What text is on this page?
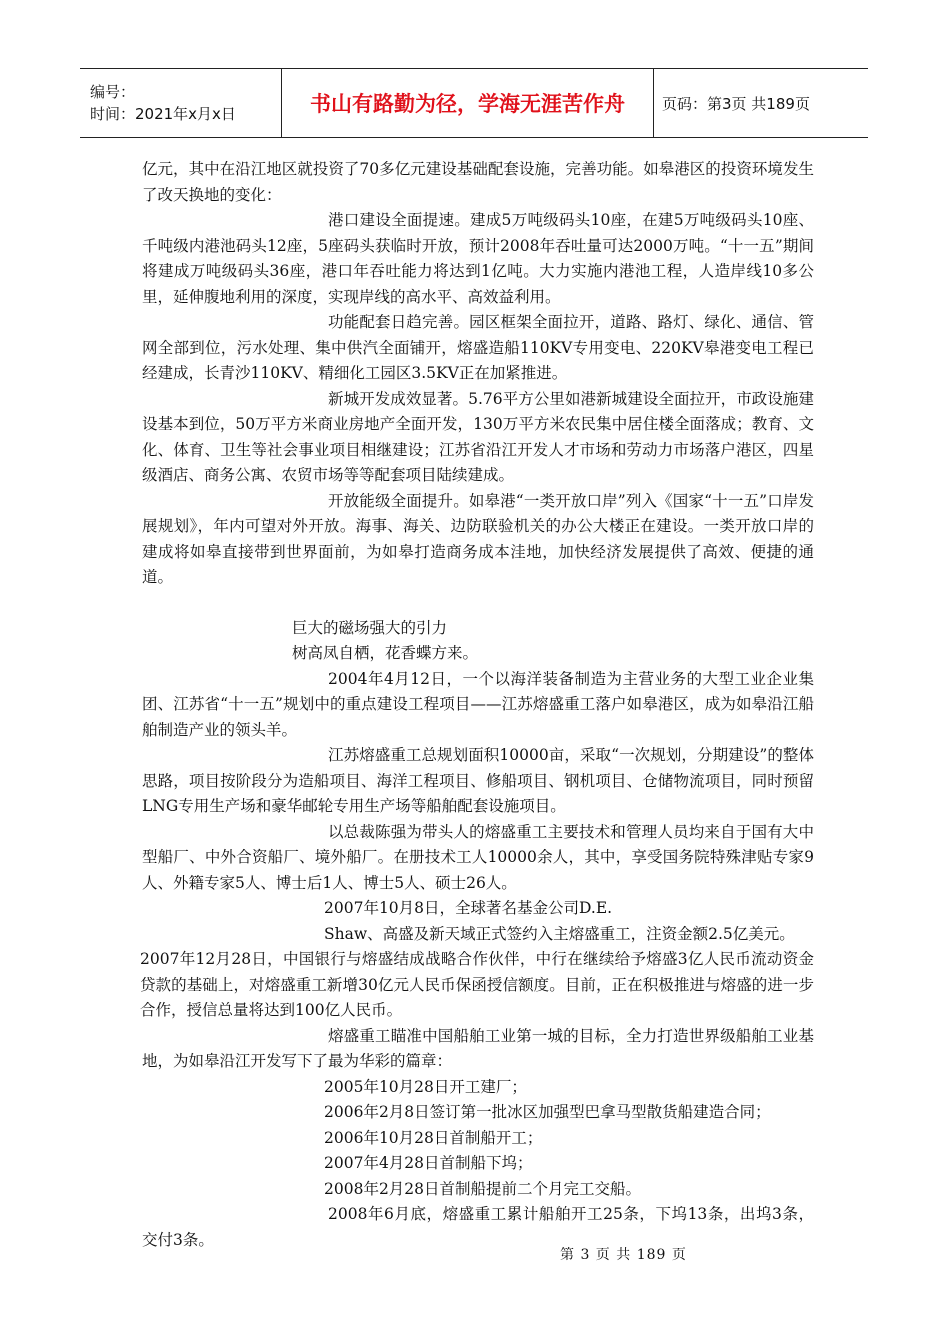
编号：
时间：2021年x月x日	书山有路勤为径，学海无涯苦作舟 页码：第3页 共189页

亿元，其中在沿江地区就投资了70多亿元建设基础配套设施，完善功能。如皋港区的投资环境发生了改天换地的变化：

港口建设全面提速。建成5万吨级码头10座，在建5万吨级码头10座、千吨级内港池码头12座，5座码头获临时开放，预计2008年吞吐量可达2000万吨。“十一五”期间将建成万吨级码头36座，港口年吞吐能力将达到1亿吨。大力实施内港池工程，人造岸线10多公里，延伸腹地利用的深度，实现岸线的高水平、高效益利用。

功能配套日趋完善。园区框架全面拉开，道路、路灯、绿化、通信、管网全部到位，污水处理、集中供汽全面铺开，熔盛造船110KV专用变电、220KV皋港变电工程已经建成，长青沙110KV、精细化工园区3.5KV正在加紧推进。

新城开发成效显著。5.76平方公里如港新城建设全面拉开，市政设施建设基本到位，50万平方米商业房地产全面开发，130万平方米农民集中居住楼全面落成；教育、文化、体育、卫生等社会事业项目相继建设；江苏省沿江开发人才市场和劳动力市场落户港区，四星级酒店、商务公寓、农贸市场等等配套项目陆续建成。

开放能级全面提升。如皋港“一类开放口岸”列入《国家“十一五”口岸发展规划》，年内可望对外开放。海事、海关、边防联验机关的办公大楼正在建设。一类开放口岸的建成将如皋直接带到世界面前，为如皋打造商务成本洼地，加快经济发展提供了高效、便捷的通道。

巨大的磁场强大的引力

树高凤自栖，花香蝶方来。

2004年4月12日，一个以海洋装备制造为主营业务的大型工业企业集团、江苏省“十一五”规划中的重点建设工程项目——江苏熔盛重工落户如皋港区，成为如皋沿江船舶制造产业的领头羊。

江苏熔盛重工总规划面积10000亩，采取“一次规划，分期建设”的整体思路，项目按阶段分为造船项目、海洋工程项目、修船项目、钢机项目、仓储物流项目，同时预留LNG专用生产场和豪华邮轮专用生产场等船舶配套设施项目。

以总裁陈强为带头人的熔盛重工主要技术和管理人员均来自于国有大中型船厂、中外合资船厂、境外船厂。在册技术工人10000余人，其中，享受国务院特殊津贴专家9人、外籍专家5人、博士后1人、博士5人、硕士26人。

2007年10月8日，全球著名基金公司D.E.

Shaw、高盛及新天域正式签约入主熔盛重工，注资金额2.5亿美元。

2007年12月28日，中国银行与熔盛结成战略合作伙伴，中行在继续给予熔盛3亿人民币流动资金贷款的基础上，对熔盛重工新增30亿元人民币保函授信额度。目前，正在积极推进与熔盛的进一步合作，授信总量将达到100亿人民币。

熔盛重工瞄准中国船舶工业第一城的目标，全力打造世界级船舶工业基地，为如皋沿江开发写下了最为华彩的篇章：

2005年10月28日开工建厂；

2006年2月8日签订第一批冰区加强型巴拿马型散货船建造合同；

2006年10月28日首制船开工；

2007年4月28日首制船下坞；

2008年2月28日首制船提前二个月完工交船。

2008年6月底，熔盛重工累计船舶开工25条，下坞13条，出坞3条，交付3条。

第 3 页 共 189 页
